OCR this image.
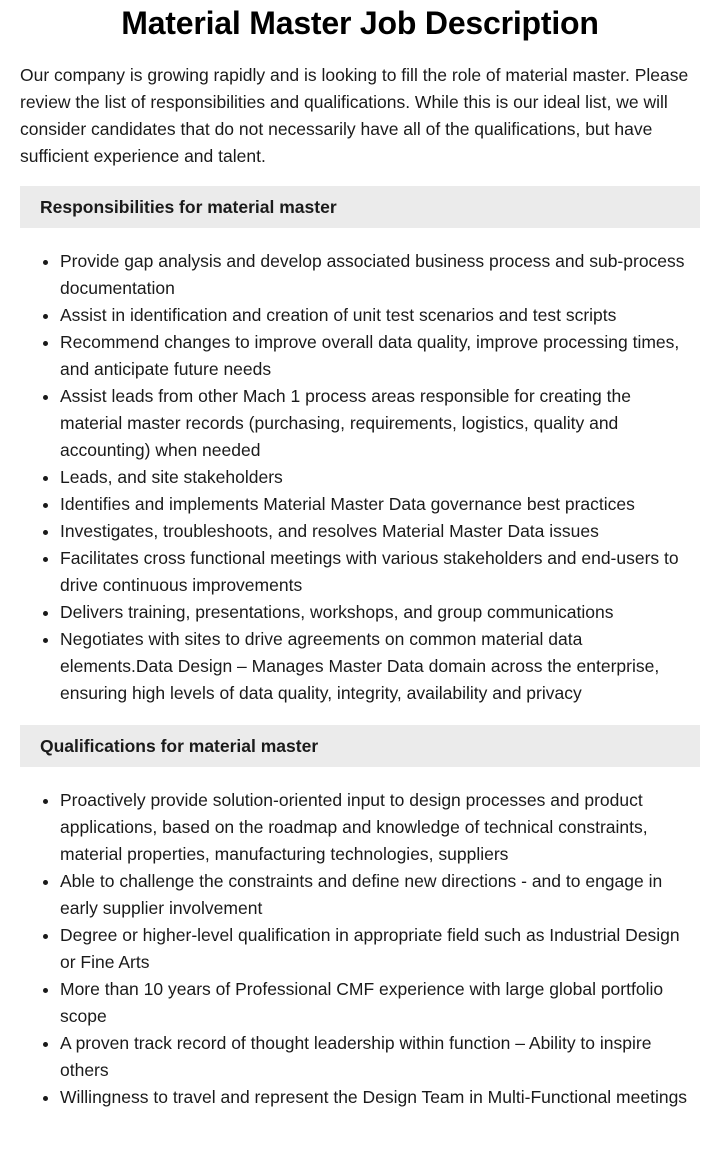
Material Master Job Description

Our company is growing rapidly and is looking to fill the role of material master. Please review the list of responsibilities and qualifications. While this is our ideal list, we will consider candidates that do not necessarily have all of the qualifications, but have sufficient experience and talent.

Responsibilities for material master
• Provide gap analysis and develop associated business process and sub-process documentation
• Assist in identification and creation of unit test scenarios and test scripts
• Recommend changes to improve overall data quality, improve processing times, and anticipate future needs
• Assist leads from other Mach 1 process areas responsible for creating the material master records (purchasing, requirements, logistics, quality and accounting) when needed
• Leads, and site stakeholders
• Identifies and implements Material Master Data governance best practices
• Investigates, troubleshoots, and resolves Material Master Data issues
• Facilitates cross functional meetings with various stakeholders and end-users to drive continuous improvements
• Delivers training, presentations, workshops, and group communications
• Negotiates with sites to drive agreements on common material data elements.Data Design – Manages Master Data domain across the enterprise, ensuring high levels of data quality, integrity, availability and privacy
Qualifications for material master
• Proactively provide solution-oriented input to design processes and product applications, based on the roadmap and knowledge of technical constraints, material properties, manufacturing technologies, suppliers
• Able to challenge the constraints and define new directions - and to engage in early supplier involvement
• Degree or higher-level qualification in appropriate field such as Industrial Design or Fine Arts
• More than 10 years of Professional CMF experience with large global portfolio scope
• A proven track record of thought leadership within function – Ability to inspire others
• Willingness to travel and represent the Design Team in Multi-Functional meetings
